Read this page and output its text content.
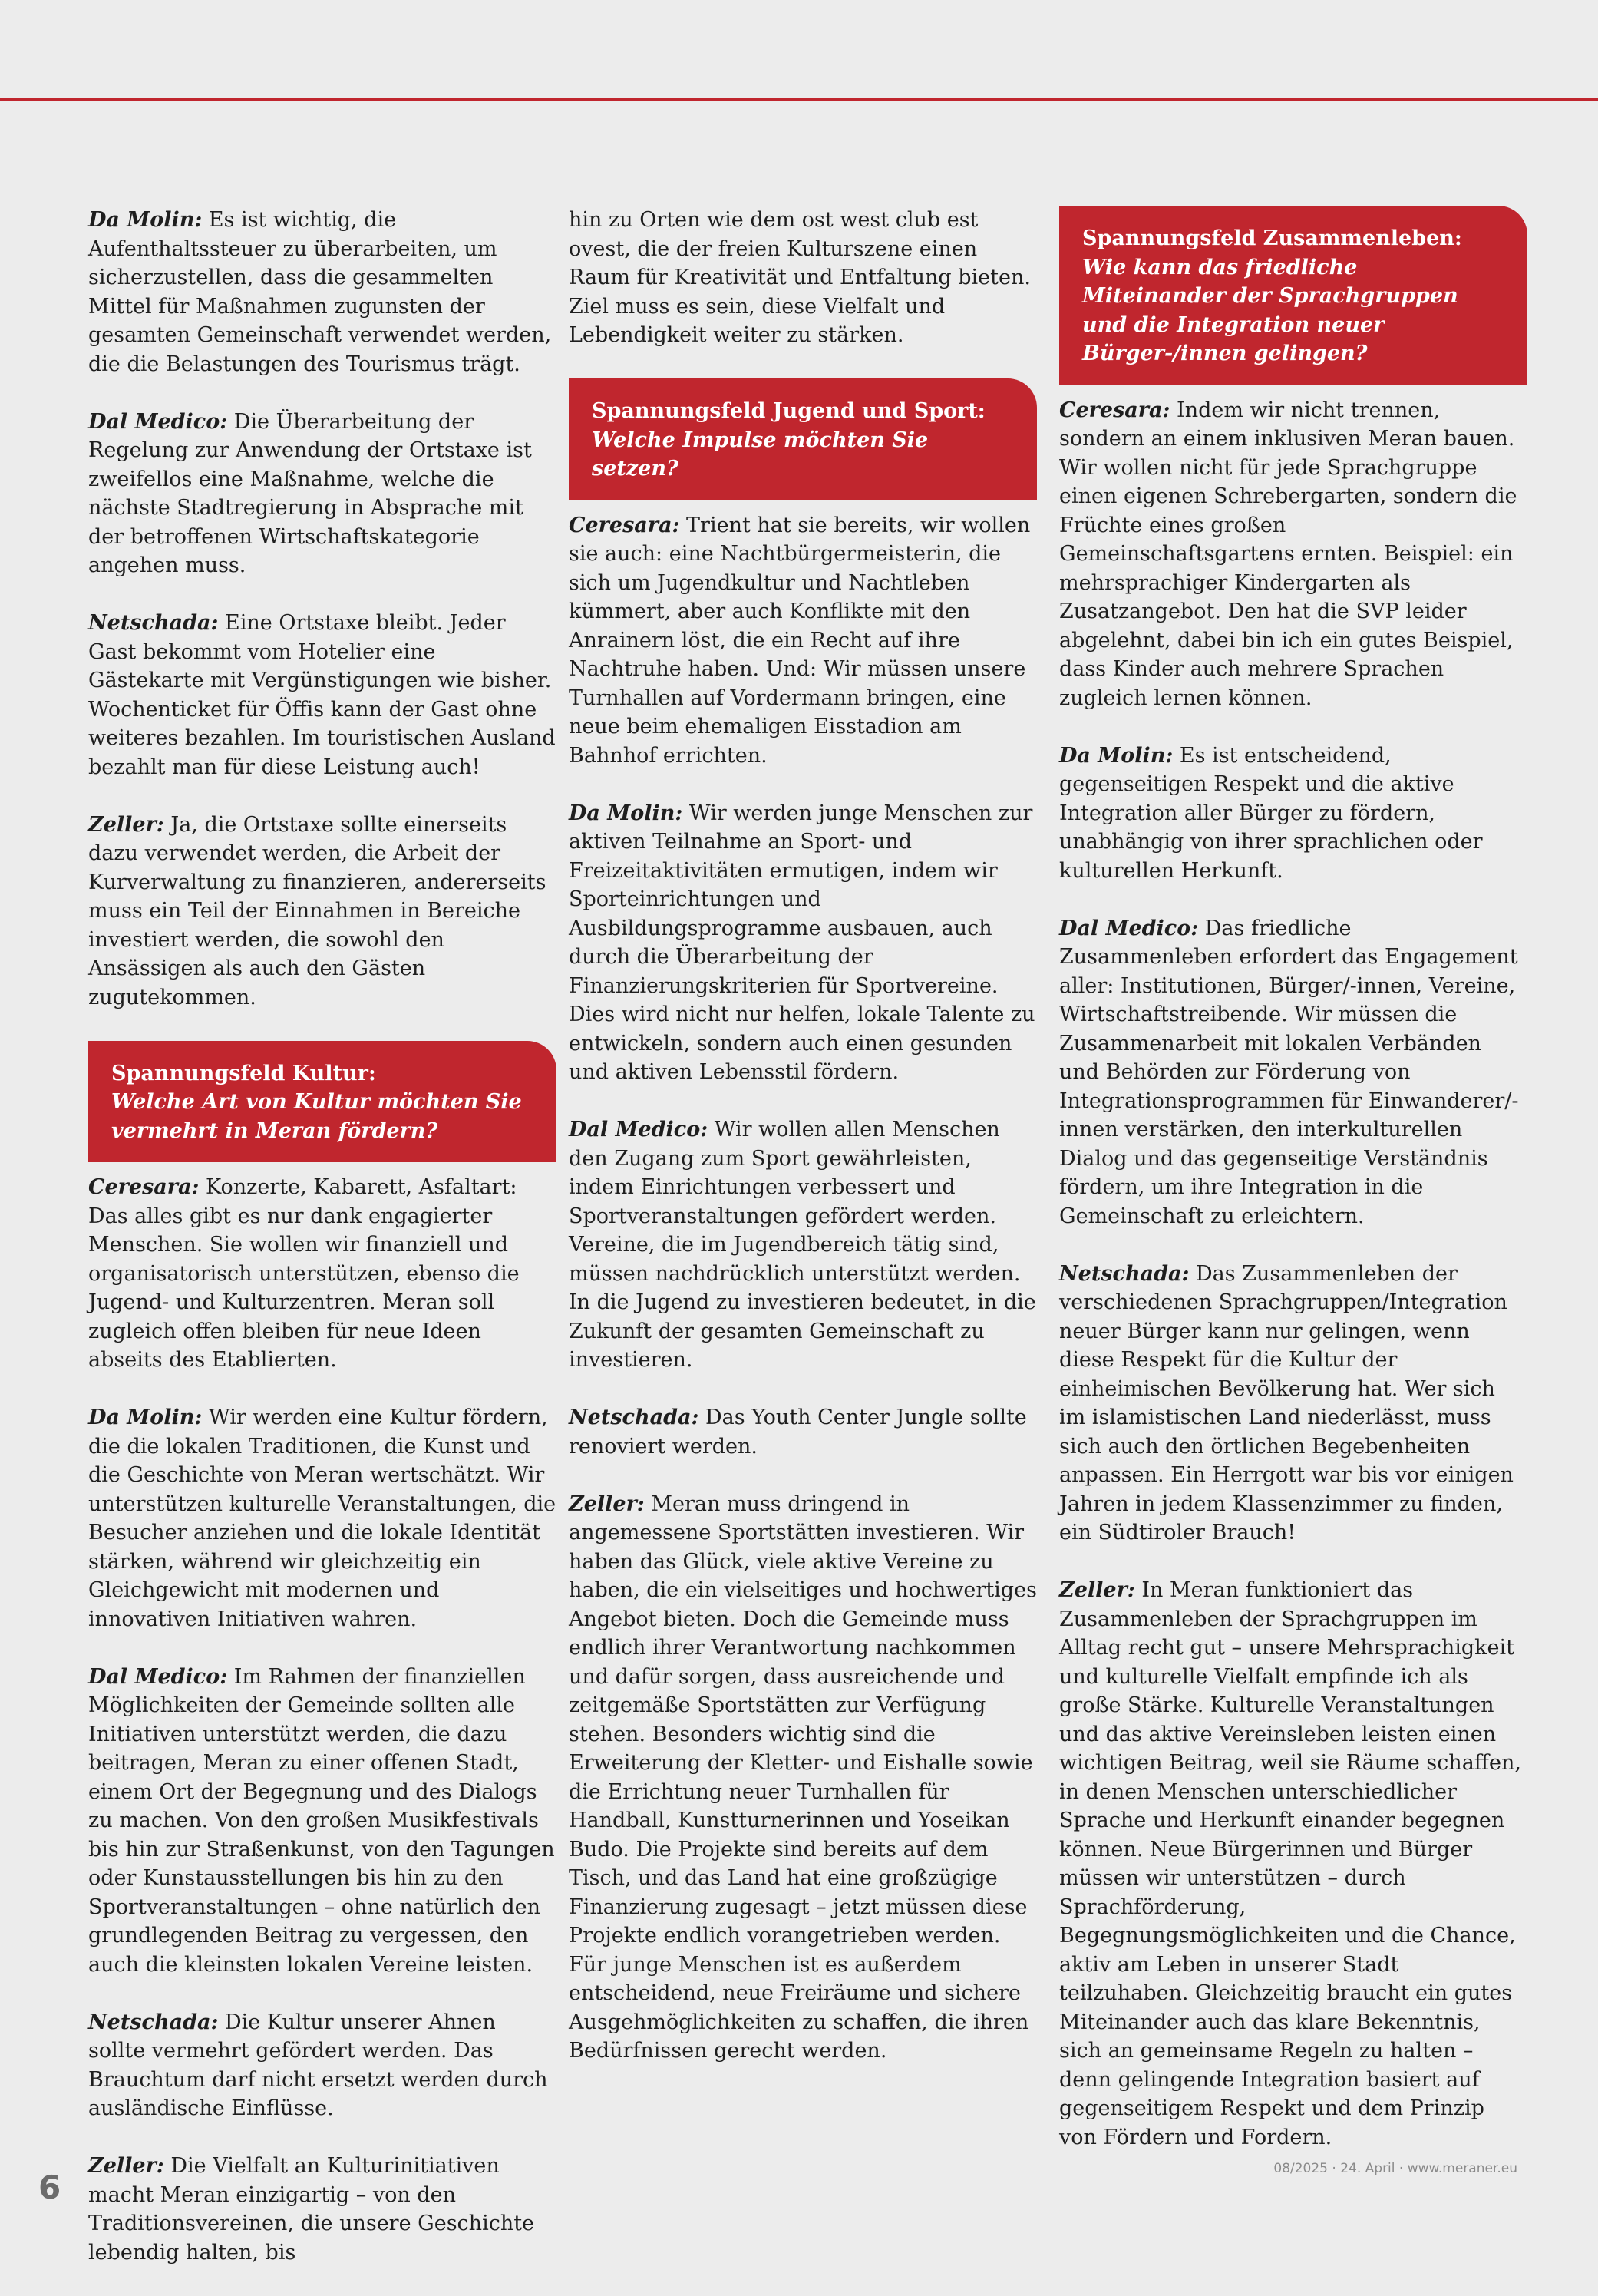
Da Molin: Es ist wichtig, die Aufenthaltssteuer zu überarbeiten, um sicherzustellen, dass die gesammelten Mittel für Maßnahmen zugunsten der gesamten Gemeinschaft verwendet werden, die die Belastungen des Tourismus trägt.

Dal Medico: Die Überarbeitung der Regelung zur Anwendung der Ortstaxe ist zweifellos eine Maßnahme, welche die nächste Stadtregierung in Absprache mit der betroffenen Wirtschaftskategorie angehen muss.

Netschada: Eine Ortstaxe bleibt. Jeder Gast bekommt vom Hotelier eine Gästekarte mit Vergünstigungen wie bisher. Wochenticket für Öffis kann der Gast ohne weiteres bezahlen. Im touristischen Ausland bezahlt man für diese Leistung auch!

Zeller: Ja, die Ortstaxe sollte einerseits dazu verwendet werden, die Arbeit der Kurverwaltung zu finanzieren, andererseits muss ein Teil der Einnahmen in Bereiche investiert werden, die sowohl den Ansässigen als auch den Gästen zugutekommen.

Spannungsfeld Kultur:
Welche Art von Kultur möchten Sie vermehrt in Meran fördern?

Ceresara: Konzerte, Kabarett, Asfaltart: Das alles gibt es nur dank engagierter Menschen. Sie wollen wir finanziell und organisatorisch unterstützen, ebenso die Jugend- und Kulturzentren. Meran soll zugleich offen bleiben für neue Ideen abseits des Etablierten.

Da Molin: Wir werden eine Kultur fördern, die die lokalen Traditionen, die Kunst und die Geschichte von Meran wertschätzt. Wir unterstützen kulturelle Veranstaltungen, die Besucher anziehen und die lokale Identität stärken, während wir gleichzeitig ein Gleichgewicht mit modernen und innovativen Initiativen wahren.

Dal Medico: Im Rahmen der finanziellen Möglichkeiten der Gemeinde sollten alle Initiativen unterstützt werden, die dazu beitragen, Meran zu einer offenen Stadt, einem Ort der Begegnung und des Dialogs zu machen. Von den großen Musikfestivals bis hin zur Straßenkunst, von den Tagungen oder Kunstausstellungen bis hin zu den Sportveranstaltungen – ohne natürlich den grundlegenden Beitrag zu vergessen, den auch die kleinsten lokalen Vereine leisten.

Netschada: Die Kultur unserer Ahnen sollte vermehrt gefördert werden. Das Brauchtum darf nicht ersetzt werden durch ausländische Einflüsse.

Zeller: Die Vielfalt an Kulturinitiativen macht Meran einzigartig – von den Traditionsvereinen, die unsere Geschichte lebendig halten, bis

hin zu Orten wie dem ost west club est ovest, die der freien Kulturszene einen Raum für Kreativität und Entfaltung bieten. Ziel muss es sein, diese Vielfalt und Lebendigkeit weiter zu stärken.

Spannungsfeld Jugend und Sport:
Welche Impulse möchten Sie setzen?

Ceresara: Trient hat sie bereits, wir wollen sie auch: eine Nachtbürgermeisterin, die sich um Jugendkultur und Nachtleben kümmert, aber auch Konflikte mit den Anrainern löst, die ein Recht auf ihre Nachtruhe haben. Und: Wir müssen unsere Turnhallen auf Vordermann bringen, eine neue beim ehemaligen Eisstadion am Bahnhof errichten.

Da Molin: Wir werden junge Menschen zur aktiven Teilnahme an Sport- und Freizeitaktivitäten ermutigen, indem wir Sporteinrichtungen und Ausbildungsprogramme ausbauen, auch durch die Überarbeitung der Finanzierungskriterien für Sportvereine. Dies wird nicht nur helfen, lokale Talente zu entwickeln, sondern auch einen gesunden und aktiven Lebensstil fördern.

Dal Medico: Wir wollen allen Menschen den Zugang zum Sport gewährleisten, indem Einrichtungen verbessert und Sportveranstaltungen gefördert werden. Vereine, die im Jugendbereich tätig sind, müssen nachdrücklich unterstützt werden. In die Jugend zu investieren bedeutet, in die Zukunft der gesamten Gemeinschaft zu investieren.

Netschada: Das Youth Center Jungle sollte renoviert werden.

Zeller: Meran muss dringend in angemessene Sportstätten investieren. Wir haben das Glück, viele aktive Vereine zu haben, die ein vielseitiges und hochwertiges Angebot bieten. Doch die Gemeinde muss endlich ihrer Verantwortung nachkommen und dafür sorgen, dass ausreichende und zeitgemäße Sportstätten zur Verfügung stehen. Besonders wichtig sind die Erweiterung der Kletter- und Eishalle sowie die Errichtung neuer Turnhallen für Handball, Kunstturnerinnen und Yoseikan Budo. Die Projekte sind bereits auf dem Tisch, und das Land hat eine großzügige Finanzierung zugesagt – jetzt müssen diese Projekte endlich vorangetrieben werden. Für junge Menschen ist es außerdem entscheidend, neue Freiräume und sichere Ausgehmöglichkeiten zu schaffen, die ihren Bedürfnissen gerecht werden.

Spannungsfeld Zusammenleben:
Wie kann das friedliche Miteinander der Sprachgruppen und die Integration neuer Bürger-/innen gelingen?

Ceresara: Indem wir nicht trennen, sondern an einem inklusiven Meran bauen. Wir wollen nicht für jede Sprachgruppe einen eigenen Schrebergarten, sondern die Früchte eines großen Gemeinschaftsgartens ernten. Beispiel: ein mehrsprachiger Kindergarten als Zusatzangebot. Den hat die SVP leider abgelehnt, dabei bin ich ein gutes Beispiel, dass Kinder auch mehrere Sprachen zugleich lernen können.

Da Molin: Es ist entscheidend, gegenseitigen Respekt und die aktive Integration aller Bürger zu fördern, unabhängig von ihrer sprachlichen oder kulturellen Herkunft.

Dal Medico: Das friedliche Zusammenleben erfordert das Engagement aller: Institutionen, Bürger/-innen, Vereine, Wirtschaftstreibende. Wir müssen die Zusammenarbeit mit lokalen Verbänden und Behörden zur Förderung von Integrationsprogrammen für Einwanderer/-innen verstärken, den interkulturellen Dialog und das gegenseitige Verständnis fördern, um ihre Integration in die Gemeinschaft zu erleichtern.

Netschada: Das Zusammenleben der verschiedenen Sprachgruppen/Integration neuer Bürger kann nur gelingen, wenn diese Respekt für die Kultur der einheimischen Bevölkerung hat. Wer sich im islamistischen Land niederlässt, muss sich auch den örtlichen Begebenheiten anpassen. Ein Herrgott war bis vor einigen Jahren in jedem Klassenzimmer zu finden, ein Südtiroler Brauch!

Zeller: In Meran funktioniert das Zusammenleben der Sprachgruppen im Alltag recht gut – unsere Mehrsprachigkeit und kulturelle Vielfalt empfinde ich als große Stärke. Kulturelle Veranstaltungen und das aktive Vereinsleben leisten einen wichtigen Beitrag, weil sie Räume schaffen, in denen Menschen unterschiedlicher Sprache und Herkunft einander begegnen können. Neue Bürgerinnen und Bürger müssen wir unterstützen – durch Sprachförderung, Begegnungsmöglichkeiten und die Chance, aktiv am Leben in unserer Stadt teilzuhaben. Gleichzeitig braucht ein gutes Miteinander auch das klare Bekenntnis, sich an gemeinsame Regeln zu halten – denn gelingende Integration basiert auf gegenseitigem Respekt und dem Prinzip von Fördern und Fordern.

08/2025 · 24. April · www.meraner.eu
6
